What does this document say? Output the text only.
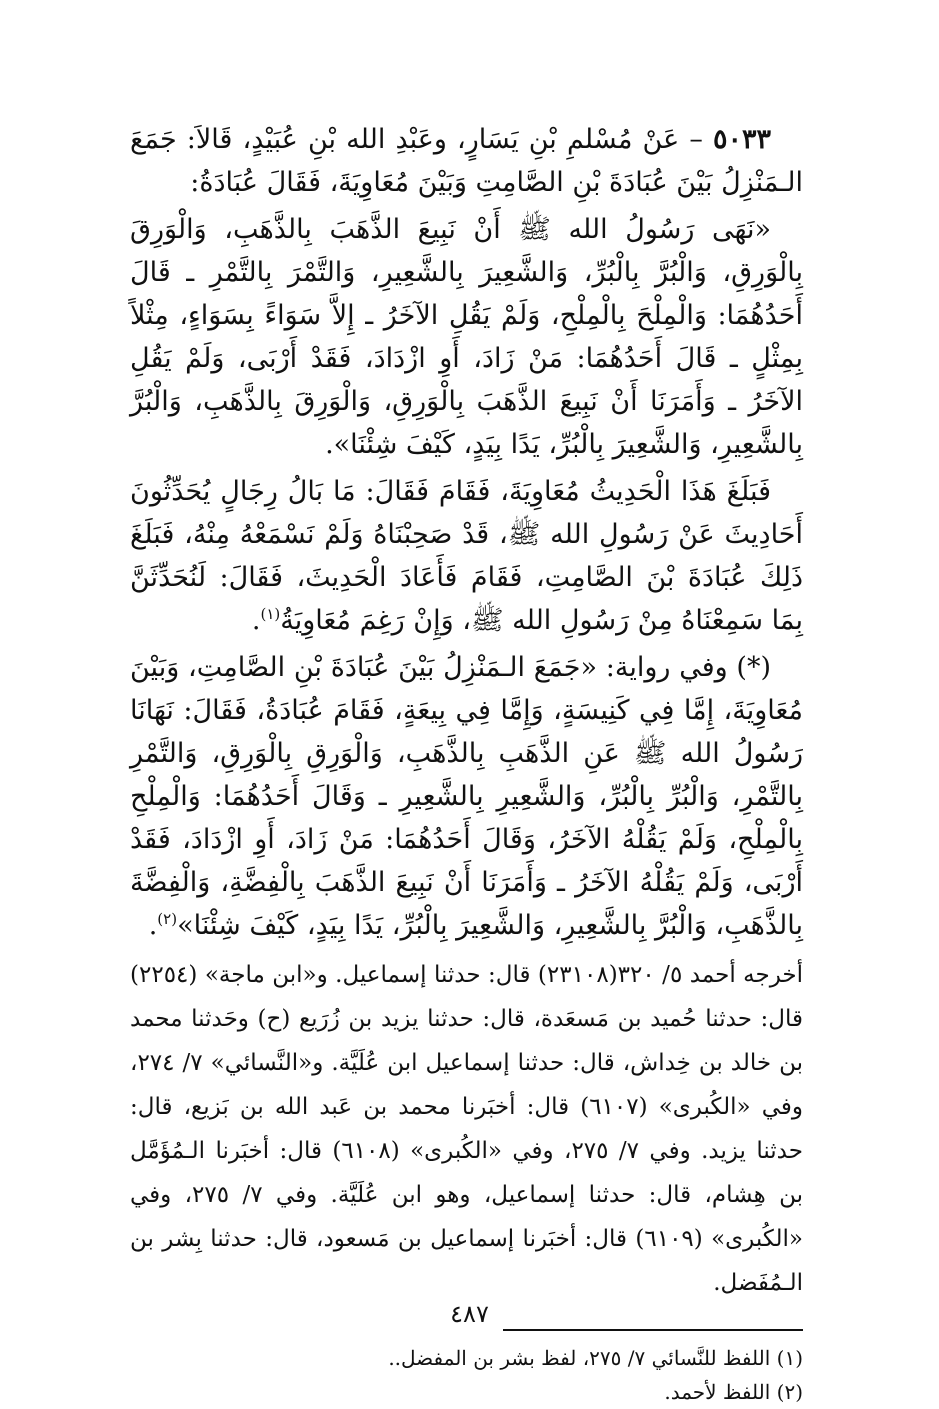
٥٠٣٣ – عَنْ مُسْلمِ بْنِ يَسَارٍ، وعَبْدِ الله بْنِ عُبَيْدٍ، قَالاَ: جَمَعَ الـمَنْزِلُ بَيْنَ عُبَادَةَ بْنِ الصَّامِتِ وَبَيْنَ مُعَاوِيَةَ، فَقَالَ عُبَادَةُ:

«نَهَى رَسُولُ الله ﷺ أَنْ نَبِيعَ الذَّهَبَ بِالذَّهَبِ، وَالْوَرِقَ بِالْوَرِقِ، وَالْبُرَّ بِالْبُرِّ، وَالشَّعِيرَ بِالشَّعِيرِ، وَالتَّمْرَ بِالتَّمْرِ ـ قَالَ أَحَدُهُمَا: وَالْمِلْحَ بِالْمِلْحِ، وَلَمْ يَقُلِ الآخَرُ ـ إِلاَّ سَوَاءً بِسَوَاءٍ، مِثْلاً بِمِثْلٍ ـ قَالَ أَحَدُهُمَا: مَنْ زَادَ، أَوِ ازْدَادَ، فَقَدْ أَرْبَى، وَلَمْ يَقُلِ الآخَرُ ـ وَأَمَرَنَا أَنْ نَبِيعَ الذَّهَبَ بِالْوَرِقِ، وَالْوَرِقَ بِالذَّهَبِ، وَالْبُرَّ بِالشَّعِيرِ، وَالشَّعِيرَ بِالْبُرِّ، يَدًا بِيَدٍ، كَيْفَ شِئْنَا».

فَبَلَغَ هَذَا الْحَدِيثُ مُعَاوِيَةَ، فَقَامَ فَقَالَ: مَا بَالُ رِجَالٍ يُحَدِّثُونَ أَحَادِيثَ عَنْ رَسُولِ الله ﷺ، قَدْ صَحِبْنَاهُ وَلَمْ نَسْمَعْهُ مِنْهُ، فَبَلَغَ ذَلِكَ عُبَادَةَ بْنَ الصَّامِتِ، فَقَامَ فَأَعَادَ الْحَدِيثَ، فَقَالَ: لَنُحَدِّثَنَّ بِمَا سَمِعْنَاهُ مِنْ رَسُولِ الله ﷺ، وَإِنْ رَغِمَ مُعَاوِيَةُ$^{(١)}$.

(*) وفي رواية: «جَمَعَ الـمَنْزِلُ بَيْنَ عُبَادَةَ بْنِ الصَّامِتِ، وَبَيْنَ مُعَاوِيَةَ، إِمَّا فِي كَنِيسَةٍ، وَإِمَّا فِي بِيعَةٍ، فَقَامَ عُبَادَةُ، فَقَالَ: نَهَانَا رَسُولُ الله ﷺ عَنِ الذَّهَبِ بِالذَّهَبِ، وَالْوَرِقِ بِالْوَرِقِ، وَالتَّمْرِ بِالتَّمْرِ، وَالْبُرِّ بِالْبُرِّ، وَالشَّعِيرِ بِالشَّعِيرِ ـ وَقَالَ أَحَدُهُمَا: وَالْمِلْحِ بِالْمِلْحِ، وَلَمْ يَقُلْهُ الآخَرُ، وَقَالَ أَحَدُهُمَا: مَنْ زَادَ، أَوِ ازْدَادَ، فَقَدْ أَرْبَى، وَلَمْ يَقُلْهُ الآخَرُ ـ وَأَمَرَنَا أَنْ نَبِيعَ الذَّهَبَ بِالْفِضَّةِ، وَالْفِضَّةَ بِالذَّهَبِ، وَالْبُرَّ بِالشَّعِيرِ، وَالشَّعِيرَ بِالْبُرِّ، يَدًا بِيَدٍ، كَيْفَ شِئْنَا»$^{(٢)}$.

أخرجه أحمد ٥/ ٣٢٠(٢٣١٠٨) قال: حدثنا إسماعيل. و«ابن ماجة» (٢٢٥٤) قال: حدثنا حُميد بن مَسعَدة، قال: حدثنا يزيد بن زُرَيع (ح) وحَدثنا محمد بن خالد بن خِداش، قال: حدثنا إسماعيل ابن عُلَيَّة. و«النَّسائي» ٧/ ٢٧٤، وفي «الكُبرى» (٦١٠٧) قال: أخبَرنا محمد بن عَبد الله بن بَزيع، قال: حدثنا يزيد. وفي ٧/ ٢٧٥، وفي «الكُبرى» (٦١٠٨) قال: أخبَرنا الـمُؤَمَّل بن هِشام، قال: حدثنا إسماعيل، وهو ابن عُلَيَّة. وفي ٧/ ٢٧٥، وفي «الكُبرى» (٦١٠٩) قال: أخبَرنا إسماعيل بن مَسعود، قال: حدثنا بِشر بن الـمُفَضل.
(١) اللفظ للنَّسائي ٧/ ٢٧٥، لفظ بشر بن المفضل..
(٢) اللفظ لأحمد.
٤٨٧
